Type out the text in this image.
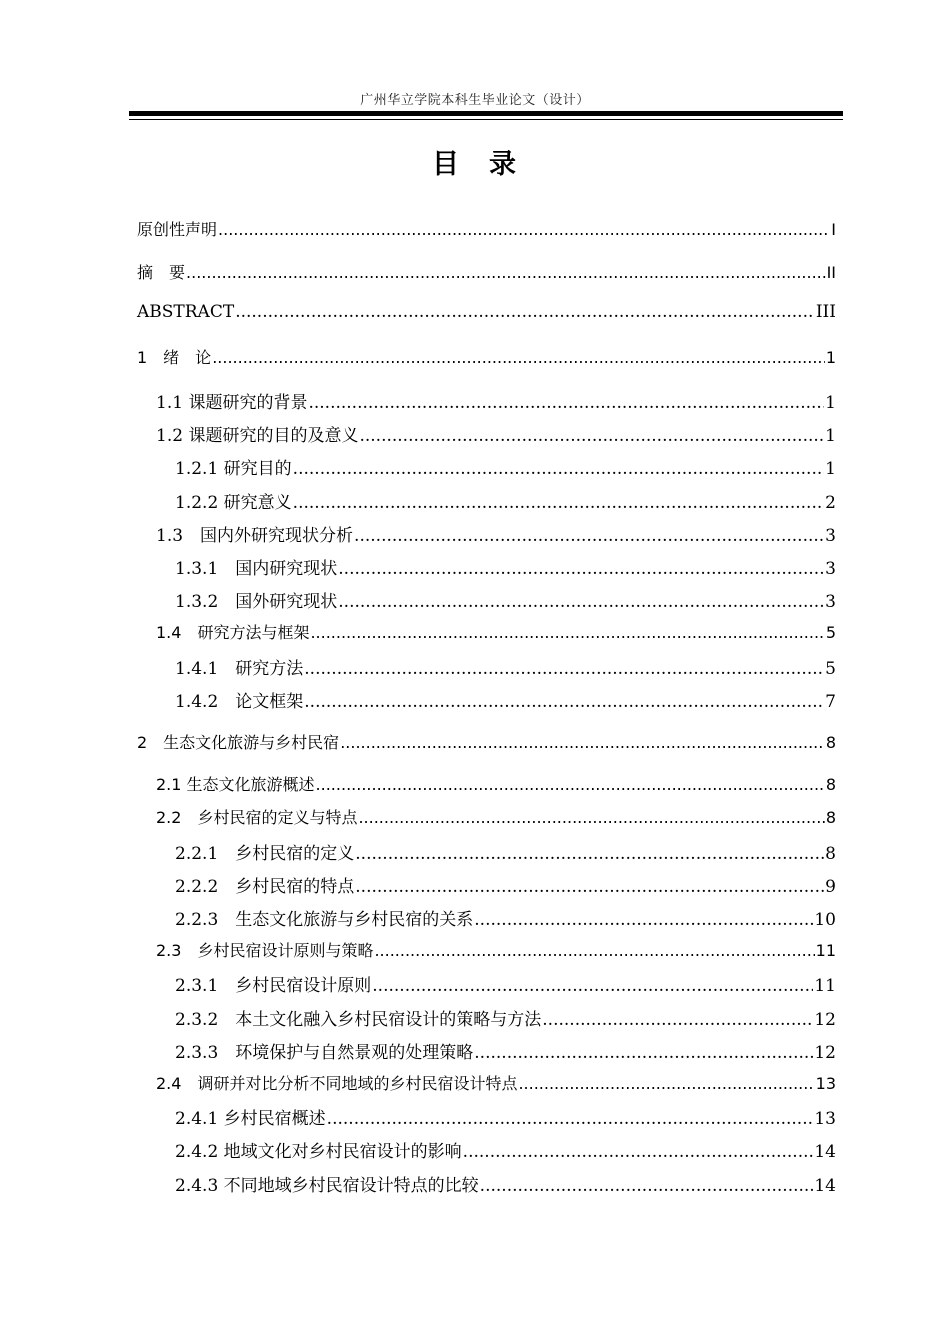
广州华立学院本科生毕业论文（设计）
目 录
原创性声明 .....	I
摘　要 .....	II
ABSTRACT .....	III
1　绪　论 .....	1
1.1 课题研究的背景 .....	1
1.2 课题研究的目的及意义 .....	1
1.2.1 研究目的 .....	1
1.2.2 研究意义 .....	2
1.3　国内外研究现状分析 .....	3
1.3.1　国内研究现状 .....	3
1.3.2　国外研究现状 .....	3
1.4　研究方法与框架 .....	5
1.4.1　研究方法 .....	5
1.4.2　论文框架 .....	7
2　生态文化旅游与乡村民宿 .....	8
2.1 生态文化旅游概述 .....	8
2.2　乡村民宿的定义与特点 .....	8
2.2.1　乡村民宿的定义 .....	8
2.2.2　乡村民宿的特点 .....	9
2.2.3　生态文化旅游与乡村民宿的关系 .....	10
2.3　乡村民宿设计原则与策略 .....	11
2.3.1　乡村民宿设计原则 .....	11
2.3.2　本土文化融入乡村民宿设计的策略与方法 .....	12
2.3.3　环境保护与自然景观的处理策略 .....	12
2.4　调研并对比分析不同地域的乡村民宿设计特点 .....	13
2.4.1 乡村民宿概述 .....	13
2.4.2 地域文化对乡村民宿设计的影响 .....	14
2.4.3 不同地域乡村民宿设计特点的比较 .....	14
